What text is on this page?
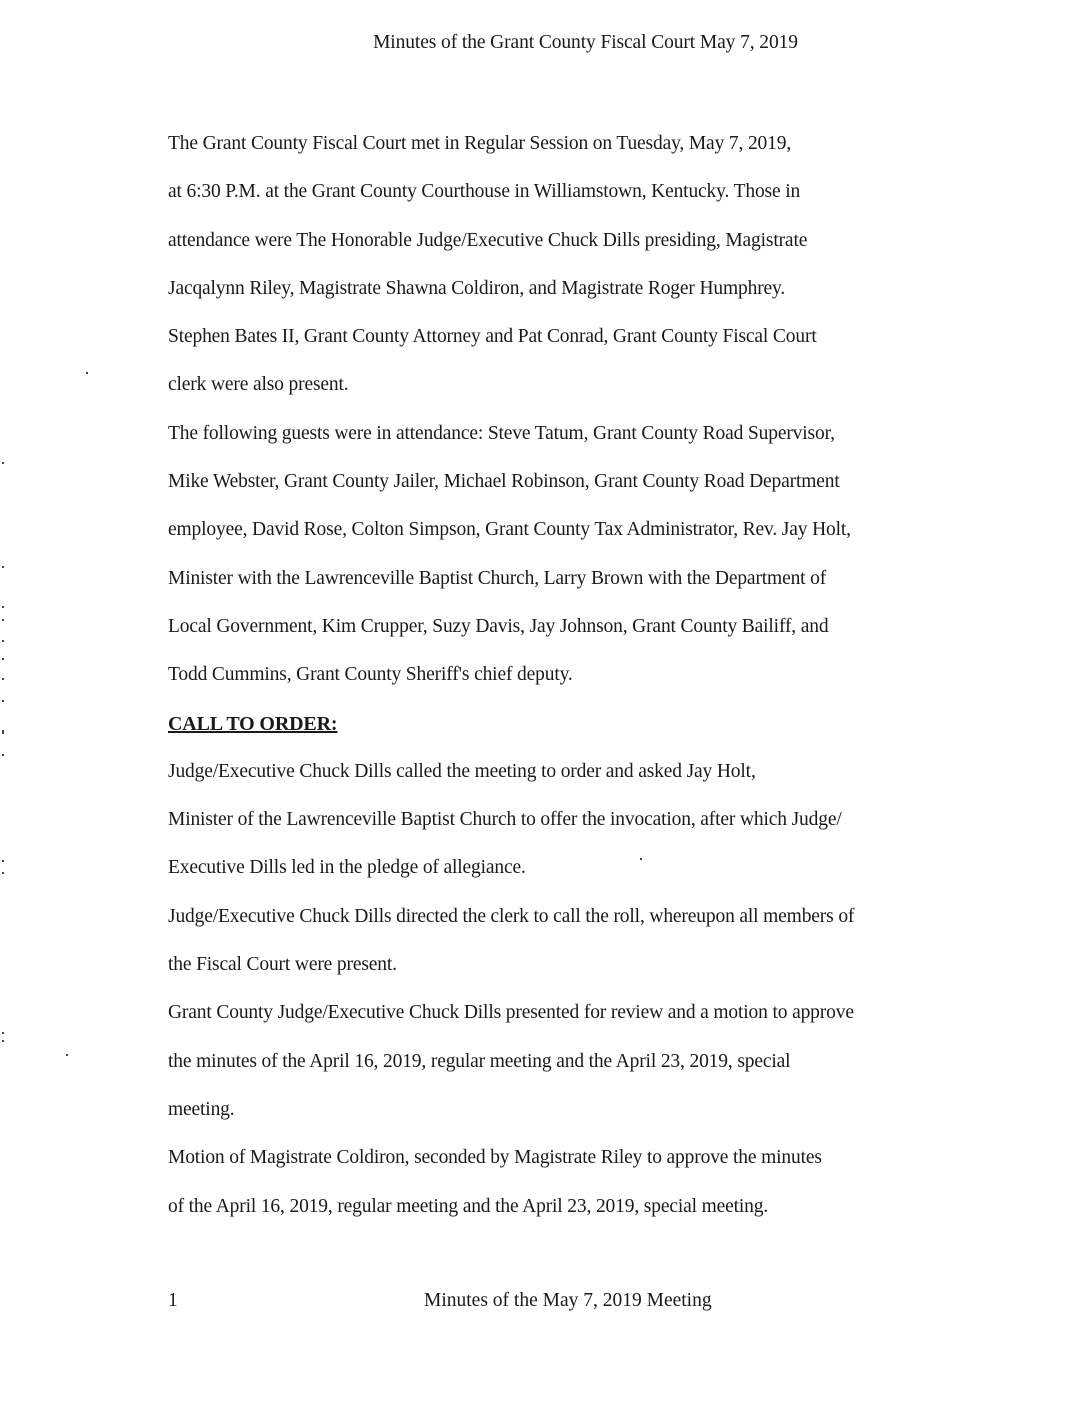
Minutes of the Grant County Fiscal Court May 7, 2019
The Grant County Fiscal Court met in Regular Session on Tuesday, May 7, 2019,
at 6:30 P.M. at the Grant County Courthouse in Williamstown, Kentucky. Those in
attendance were The Honorable Judge/Executive Chuck Dills presiding, Magistrate
Jacqalynn Riley, Magistrate Shawna Coldiron, and Magistrate Roger Humphrey.
Stephen Bates II, Grant County Attorney and Pat Conrad, Grant County Fiscal Court
clerk were also present.
The following guests were in attendance: Steve Tatum, Grant County Road Supervisor,
Mike Webster, Grant County Jailer, Michael Robinson, Grant County Road Department
employee, David Rose, Colton Simpson, Grant County Tax Administrator, Rev. Jay Holt,
Minister with the Lawrenceville Baptist Church, Larry Brown with the Department of
Local Government, Kim Crupper, Suzy Davis, Jay Johnson, Grant County Bailiff, and
Todd Cummins, Grant County Sheriff's chief deputy.
CALL TO ORDER:
Judge/Executive Chuck Dills called the meeting to order and asked Jay Holt,
Minister of the Lawrenceville Baptist Church to offer the invocation, after which Judge/
Executive Dills led in the pledge of allegiance.
Judge/Executive Chuck Dills directed the clerk to call the roll, whereupon all members of
the Fiscal Court were present.
Grant County Judge/Executive Chuck Dills presented for review and a motion to approve
the minutes of the April 16, 2019, regular meeting and the April 23, 2019, special
meeting.
Motion of Magistrate Coldiron, seconded by Magistrate Riley to approve the minutes
of the April 16, 2019, regular meeting and the April 23, 2019, special meeting.
1	Minutes of the May 7, 2019 Meeting
